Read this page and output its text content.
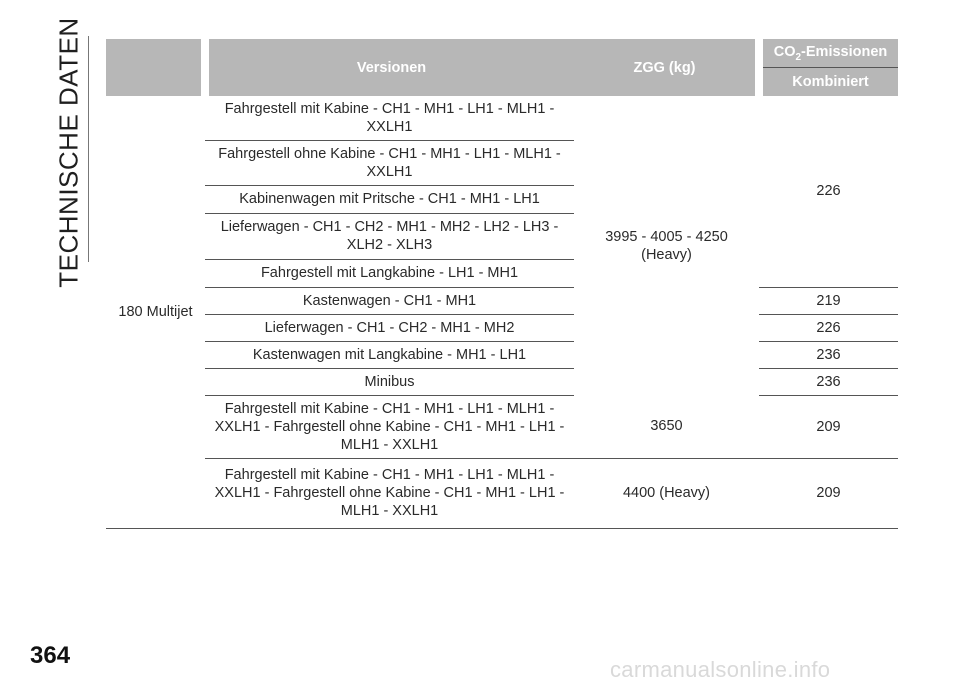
TECHNISCHE DATEN
		Versionen	ZGG (kg)	$CO_2$-Emissionen
			Kombiniert
180 Multijet	Fahrgestell mit Kabine - CH1 - MH1 - LH1 - MLH1 - XXLH1	3995 - 4005 - 4250 (Heavy)	226
	Fahrgestell ohne Kabine - CH1 - MH1 - LH1 - MLH1 - XXLH1		
	Kabinenwagen mit Pritsche - CH1 - MH1 - LH1		
	Lieferwagen - CH1 - CH2 - MH1 - MH2 - LH2 - LH3 - XLH2 - XLH3		
	Fahrgestell mit Langkabine - LH1 - MH1		
	Kastenwagen - CH1 - MH1		219
	Lieferwagen - CH1 - CH2 - MH1 - MH2		226
	Kastenwagen mit Langkabine - MH1 - LH1		236
	Minibus		236
	Fahrgestell mit Kabine - CH1 - MH1 - LH1 - MLH1 - XXLH1 - Fahrgestell ohne Kabine - CH1 - MH1 - LH1 - MLH1 - XXLH1	3650	209
	Fahrgestell mit Kabine - CH1 - MH1 - LH1 - MLH1 - XXLH1 - Fahrgestell ohne Kabine - CH1 - MH1 - LH1 - MLH1 - XXLH1	4400 (Heavy)	209
364
carmanualsonline.info
